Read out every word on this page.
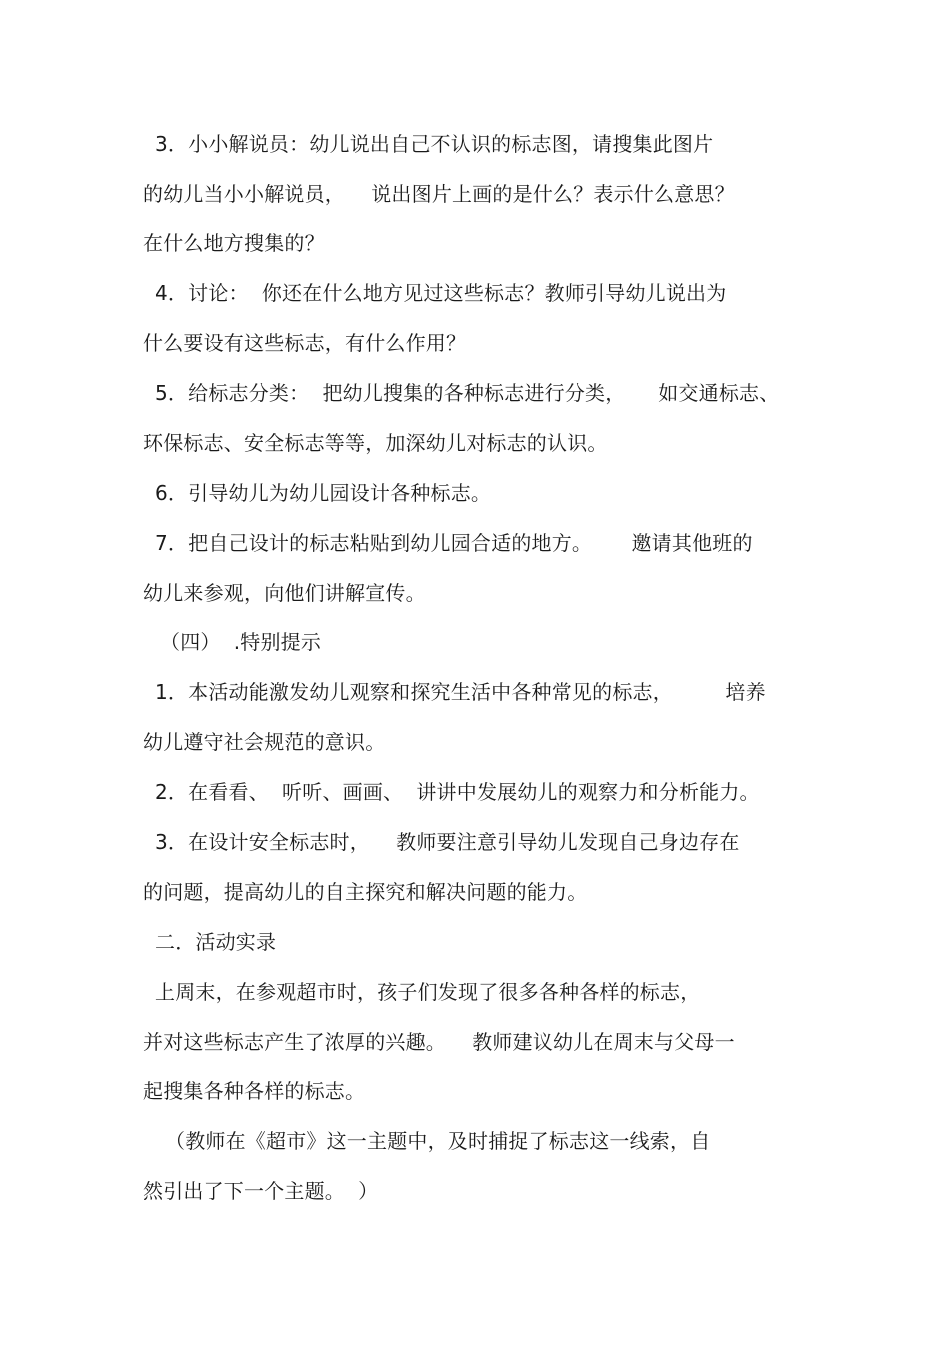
3．小小解说员：幼儿说出自己不认识的标志图，请搜集此图片
的幼儿当小小解说员，    说出图片上画的是什么？表示什么意思？
在什么地方搜集的？
4．讨论：  你还在什么地方见过这些标志？教师引导幼儿说出为
什么要设有这些标志，有什么作用？
5．给标志分类：  把幼儿搜集的各种标志进行分类，     如交通标志、
环保标志、安全标志等等，加深幼儿对标志的认识。
6．引导幼儿为幼儿园设计各种标志。
7．把自己设计的标志粘贴到幼儿园合适的地方。      邀请其他班的
幼儿来参观，向他们讲解宣传。
（四）  .特别提示
1．本活动能激发幼儿观察和探究生活中各种常见的标志，        培养
幼儿遵守社会规范的意识。
2．在看看、  听听、画画、  讲讲中发展幼儿的观察力和分析能力。
3．在设计安全标志时，    教师要注意引导幼儿发现自己身边存在
的问题，提高幼儿的自主探究和解决问题的能力。
二．活动实录
上周末，在参观超市时，孩子们发现了很多各种各样的标志，
并对这些标志产生了浓厚的兴趣。    教师建议幼儿在周末与父母一
起搜集各种各样的标志。
（教师在《超市》这一主题中，及时捕捉了标志这一线索，自
然引出了下一个主题。  ）
